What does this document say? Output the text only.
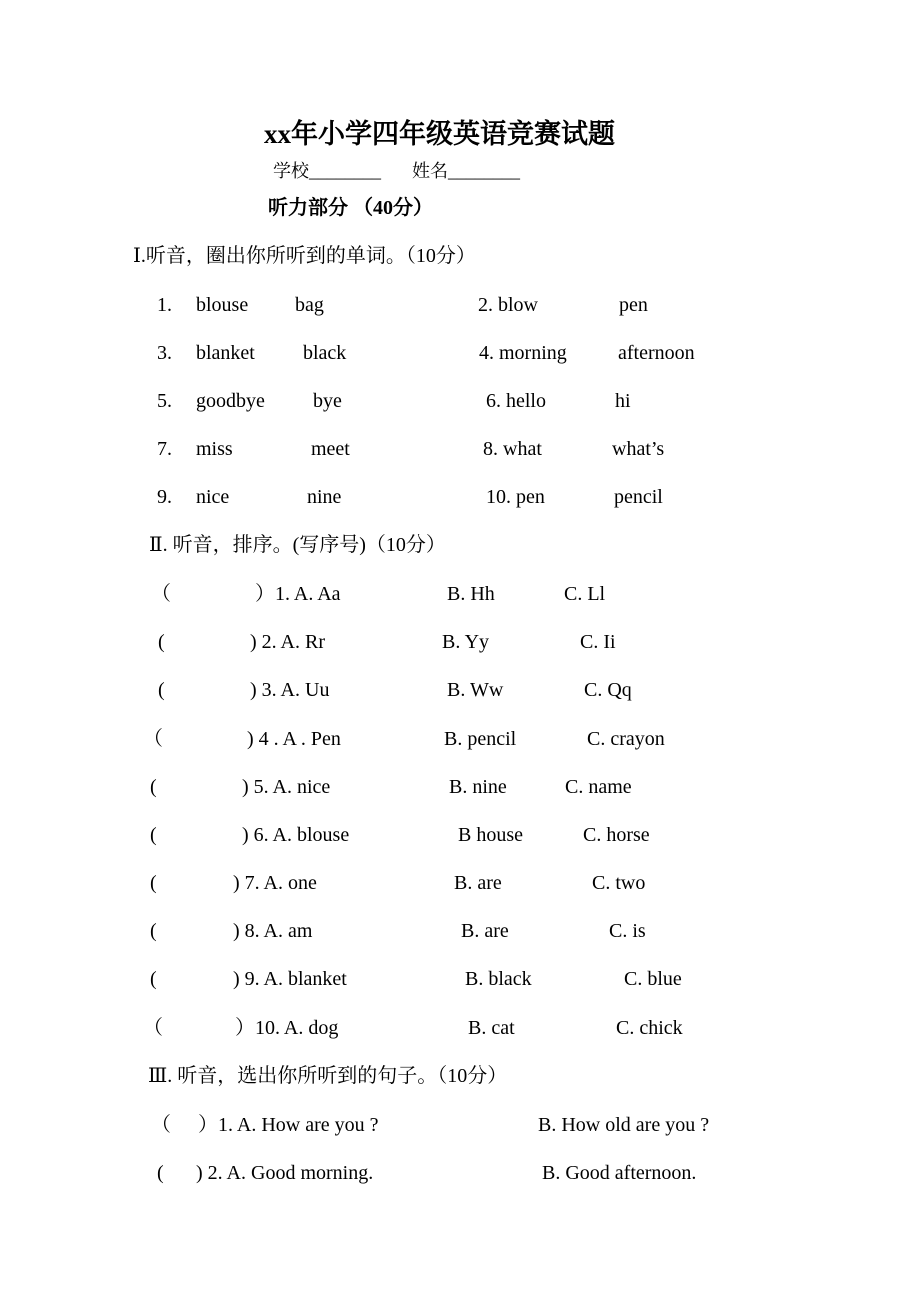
xx年小学四年级英语竞赛试题
学校________ 姓名________
听力部分 （40分）
Ⅰ.听音，圈出你所听到的单词。（10分）
1. blouse bag	2. blow	pen
3. blanket black	4. morning	afternoon
5. goodbye bye	6. hello	hi
7. miss	meet	8. what	what’s
9. nice	nine	10. pen	pencil
Ⅱ. 听音，排序。(写序号)（10分）
（	）1. A. Aa	B. Hh	C. Ll
(	) 2. A. Rr	B. Yy	C. Ii
(	) 3. A. Uu	B. Ww	C. Qq
（	) 4 . A . Pen	B. pencil	C. crayon
(	) 5. A. nice	B. nine	C. name
(	) 6. A. blouse	B house	C. horse
(	) 7. A. one	B. are	C. two
(	) 8. A. am	B. are	C. is
(	) 9. A. blanket	B. black	C. blue
（	）10. A. dog	B. cat	C. chick
Ⅲ. 听音，选出你所听到的句子。（10分）
（ ）1. A. How are you ?	B. How old are you ?
( ) 2. A. Good morning.	B. Good afternoon.
